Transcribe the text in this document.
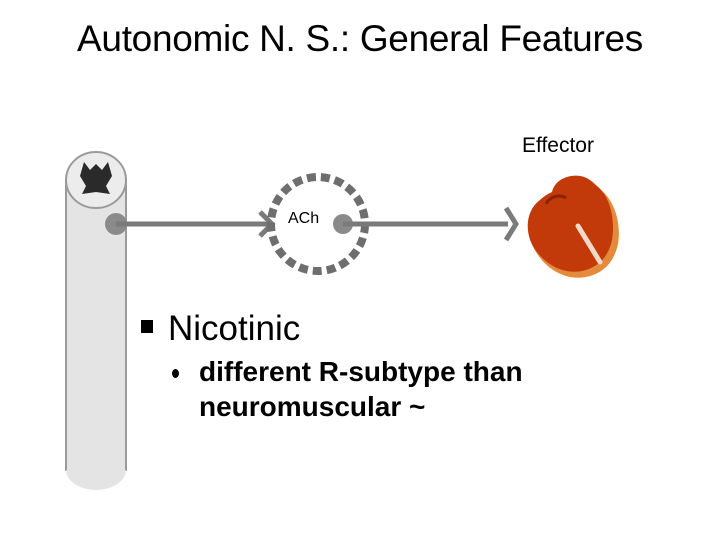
Autonomic N. S.: General Features
Effector
ACh
Nicotinic
different R-subtype than
neuromuscular ~
